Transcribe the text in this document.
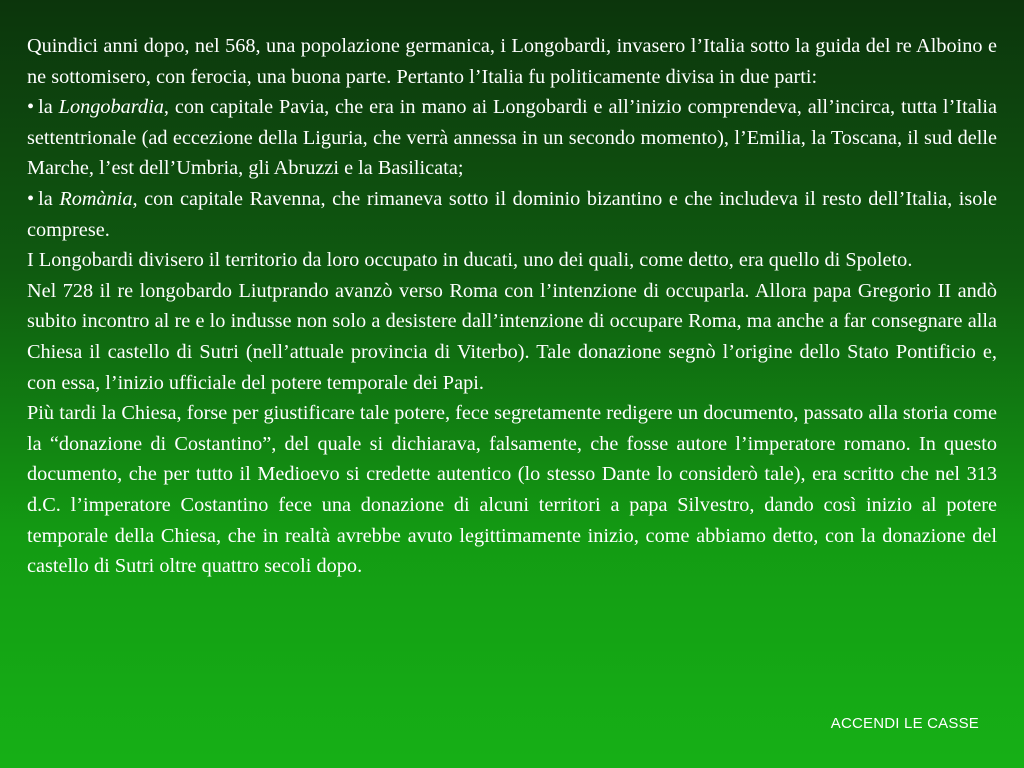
Quindici anni dopo, nel 568, una popolazione germanica, i Longobardi, invasero l’Italia sotto la guida del re Alboino e ne sottomisero, con ferocia, una buona parte. Pertanto l’Italia fu politicamente divisa in due parti:

• la Longobardia, con capitale Pavia, che era in mano ai Longobardi e all’inizio comprendeva, all’incirca, tutta l’Italia settentrionale (ad eccezione della Liguria, che verrà annessa in un secondo momento), l’Emilia, la Toscana, il sud delle Marche, l’est dell’Umbria, gli Abruzzi e la Basilicata;

• la Romània, con capitale Ravenna, che rimaneva sotto il dominio bizantino e che includeva il resto dell’Italia, isole comprese.

I Longobardi divisero il territorio da loro occupato in ducati, uno dei quali, come detto, era quello di Spoleto.

Nel 728 il re longobardo Liutprando avanzò verso Roma con l’intenzione di occuparla. Allora papa Gregorio II andò subito incontro al re e lo indusse non solo a desistere dall’intenzione di occupare Roma, ma anche a far consegnare alla Chiesa il castello di Sutri (nell’attuale provincia di Viterbo). Tale donazione segnò l’origine dello Stato Pontificio e, con essa, l’inizio ufficiale del potere temporale dei Papi.

Più tardi la Chiesa, forse per giustificare tale potere, fece segretamente redigere un documento, passato alla storia come la “donazione di Costantino”, del quale si dichiarava, falsamente, che fosse autore l’imperatore romano. In questo documento, che per tutto il Medioevo si credette autentico (lo stesso Dante lo considerò tale), era scritto che nel 313 d.C. l’imperatore Costantino fece una donazione di alcuni territori a papa Silvestro, dando così inizio al potere temporale della Chiesa, che in realtà avrebbe avuto legittimamente inizio, come abbiamo detto, con la donazione del castello di Sutri oltre quattro secoli dopo.

ACCENDI LE CASSE
